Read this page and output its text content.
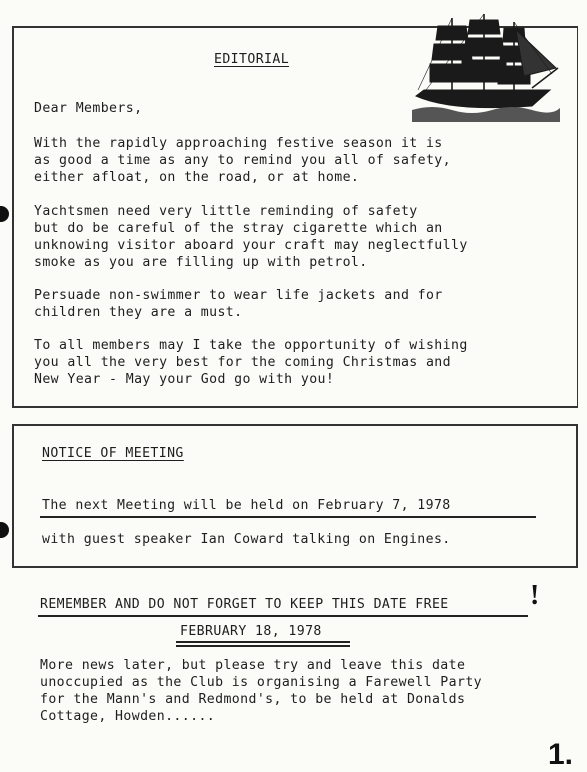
EDITORIAL
Dear Members,
With the rapidly approaching festive season it is
as good a time as any to remind you all of safety,
either afloat, on the road, or at home.
Yachtsmen need very little reminding of safety
but do be careful of the stray cigarette which an
unknowing visitor aboard your craft may neglectfully
smoke as you are filling up with petrol.
Persuade non-swimmer to wear life jackets and for
children they are a must.
To all members may I take the opportunity of wishing
you all the very best for the coming Christmas and
New Year - May your God go with you!
NOTICE OF MEETING
The next Meeting will be held on February 7, 1978
with guest speaker Ian Coward talking on Engines.
REMEMBER AND DO NOT FORGET TO KEEP THIS DATE FREE	!
FEBRUARY 18, 1978
More news later, but please try and leave this date
unoccupied as the Club is organising a Farewell Party
for the Mann's and Redmond's, to be held at Donalds
Cottage, Howden......
1.
